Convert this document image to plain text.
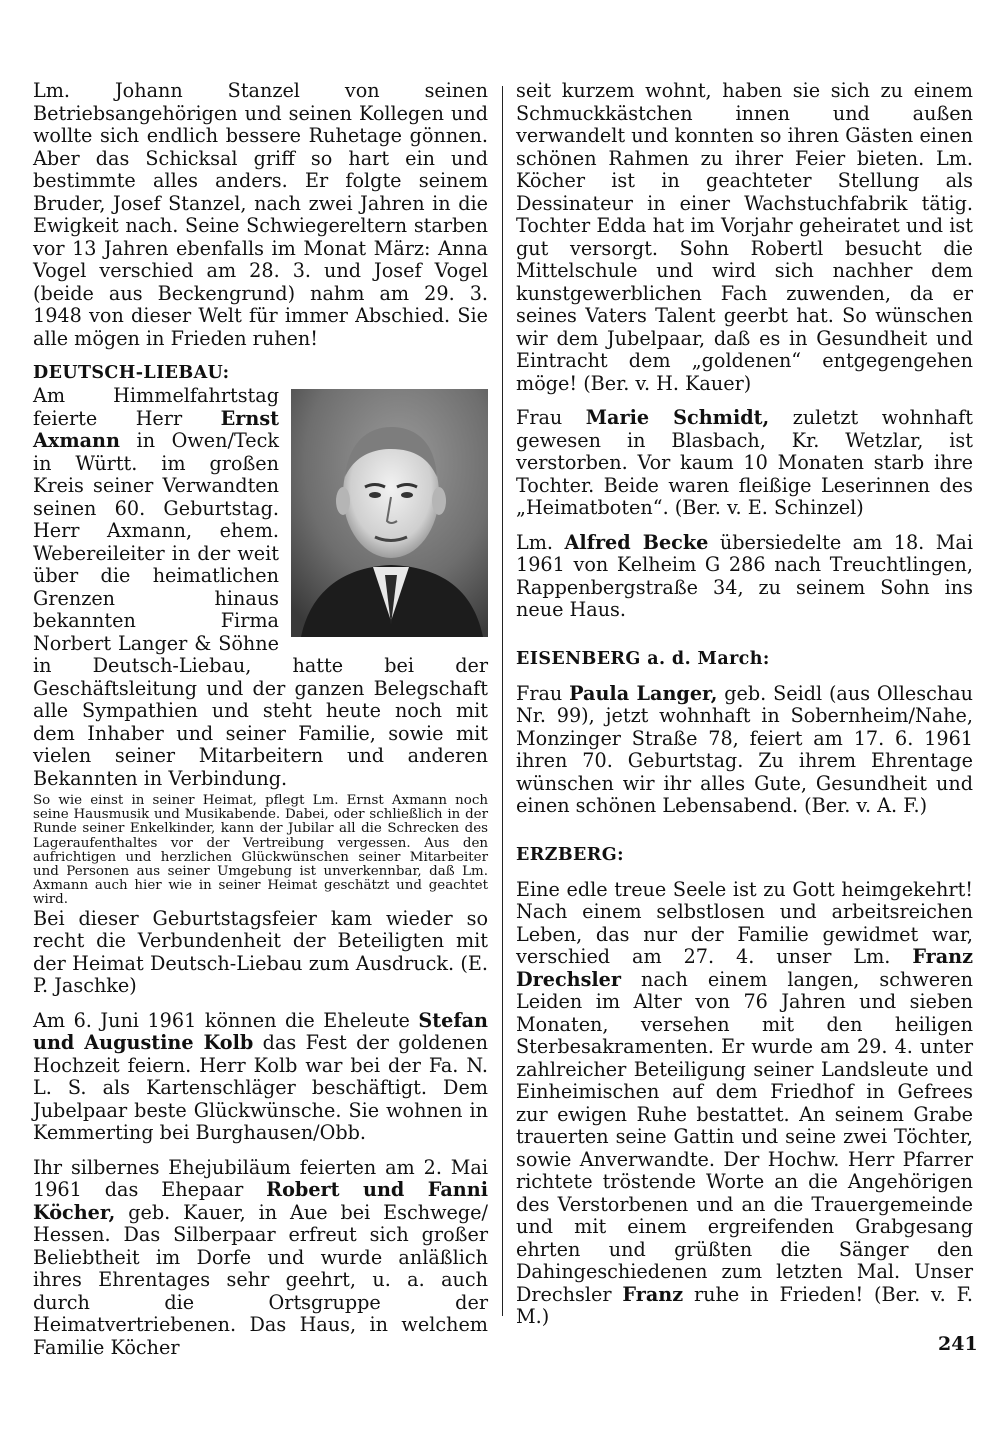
Lm. Johann Stanzel von seinen Betriebsangehörigen und seinen Kollegen und wollte sich endlich bessere Ruhetage gönnen. Aber das Schicksal griff so hart ein und bestimmte alles anders. Er folgte seinem Bruder, Josef Stanzel, nach zwei Jahren in die Ewigkeit nach. Seine Schwiegereltern starben vor 13 Jahren ebenfalls im Monat März: Anna Vogel verschied am 28. 3. und Josef Vogel (beide aus Beckengrund) nahm am 29. 3. 1948 von dieser Welt für immer Abschied. Sie alle mögen in Frieden ruhen!

DEUTSCH-LIEBAU:

Am Himmelfahrtstag feierte Herr Ernst Axmann in Owen/Teck in Württ. im großen Kreis seiner Verwandten seinen 60. Geburtstag. Herr Axmann, ehem. Webereileiter in der weit über die heimatlichen Grenzen hinaus bekannten Firma Norbert Langer & Söhne in Deutsch-Liebau, hatte bei der Geschäftsleitung und der ganzen Belegschaft alle Sympathien und steht heute noch mit dem Inhaber und seiner Familie, sowie mit vielen seiner Mitarbeitern und anderen Bekannten in Verbindung.

So wie einst in seiner Heimat, pflegt Lm. Ernst Axmann noch seine Hausmusik und Musikabende. Dabei, oder schließlich in der Runde seiner Enkelkinder, kann der Jubilar all die Schrecken des Lageraufenthaltes vor der Vertreibung vergessen. Aus den aufrichtigen und herzlichen Glückwünschen seiner Mitarbeiter und Personen aus seiner Umgebung ist unverkennbar, daß Lm. Axmann auch hier wie in seiner Heimat geschätzt und geachtet wird.

Bei dieser Geburtstagsfeier kam wieder so recht die Verbundenheit der Beteiligten mit der Heimat Deutsch-Liebau zum Ausdruck. (E. P. Jaschke)

Am 6. Juni 1961 können die Eheleute Stefan und Augustine Kolb das Fest der goldenen Hochzeit feiern. Herr Kolb war bei der Fa. N. L. S. als Kartenschläger beschäftigt. Dem Jubelpaar beste Glückwünsche. Sie wohnen in Kemmerting bei Burghausen/Obb.

Ihr silbernes Ehejubiläum feierten am 2. Mai 1961 das Ehepaar Robert und Fanni Köcher, geb. Kauer, in Aue bei Eschwege/ Hessen. Das Silberpaar erfreut sich großer Beliebtheit im Dorfe und wurde anläßlich ihres Ehrentages sehr geehrt, u. a. auch durch die Ortsgruppe der Heimatvertriebenen. Das Haus, in welchem Familie Köcher

seit kurzem wohnt, haben sie sich zu einem Schmuckkästchen innen und außen verwandelt und konnten so ihren Gästen einen schönen Rahmen zu ihrer Feier bieten. Lm. Köcher ist in geachteter Stellung als Dessinateur in einer Wachstuchfabrik tätig. Tochter Edda hat im Vorjahr geheiratet und ist gut versorgt. Sohn Robertl besucht die Mittelschule und wird sich nachher dem kunstgewerblichen Fach zuwenden, da er seines Vaters Talent geerbt hat. So wünschen wir dem Jubelpaar, daß es in Gesundheit und Eintracht dem „goldenen“ entgegengehen möge! (Ber. v. H. Kauer)

Frau Marie Schmidt, zuletzt wohnhaft gewesen in Blasbach, Kr. Wetzlar, ist verstorben. Vor kaum 10 Monaten starb ihre Tochter. Beide waren fleißige Leserinnen des „Heimatboten“. (Ber. v. E. Schinzel)

Lm. Alfred Becke übersiedelte am 18. Mai 1961 von Kelheim G 286 nach Treuchtlingen, Rappenbergstraße 34, zu seinem Sohn ins neue Haus.

EISENBERG a. d. March:

Frau Paula Langer, geb. Seidl (aus Olleschau Nr. 99), jetzt wohnhaft in Sobernheim/Nahe, Monzinger Straße 78, feiert am 17. 6. 1961 ihren 70. Geburtstag. Zu ihrem Ehrentage wünschen wir ihr alles Gute, Gesundheit und einen schönen Lebensabend. (Ber. v. A. F.)

ERZBERG:

Eine edle treue Seele ist zu Gott heimgekehrt! Nach einem selbstlosen und arbeitsreichen Leben, das nur der Familie gewidmet war, verschied am 27. 4. unser Lm. Franz Drechsler nach einem langen, schweren Leiden im Alter von 76 Jahren und sieben Monaten, versehen mit den heiligen Sterbesakramenten. Er wurde am 29. 4. unter zahlreicher Beteiligung seiner Landsleute und Einheimischen auf dem Friedhof in Gefrees zur ewigen Ruhe bestattet. An seinem Grabe trauerten seine Gattin und seine zwei Töchter, sowie Anverwandte. Der Hochw. Herr Pfarrer richtete tröstende Worte an die Angehörigen des Verstorbenen und an die Trauergemeinde und mit einem ergreifenden Grabgesang ehrten und grüßten die Sänger den Dahingeschiedenen zum letzten Mal. Unser Drechsler Franz ruhe in Frieden! (Ber. v. F. M.)

241
